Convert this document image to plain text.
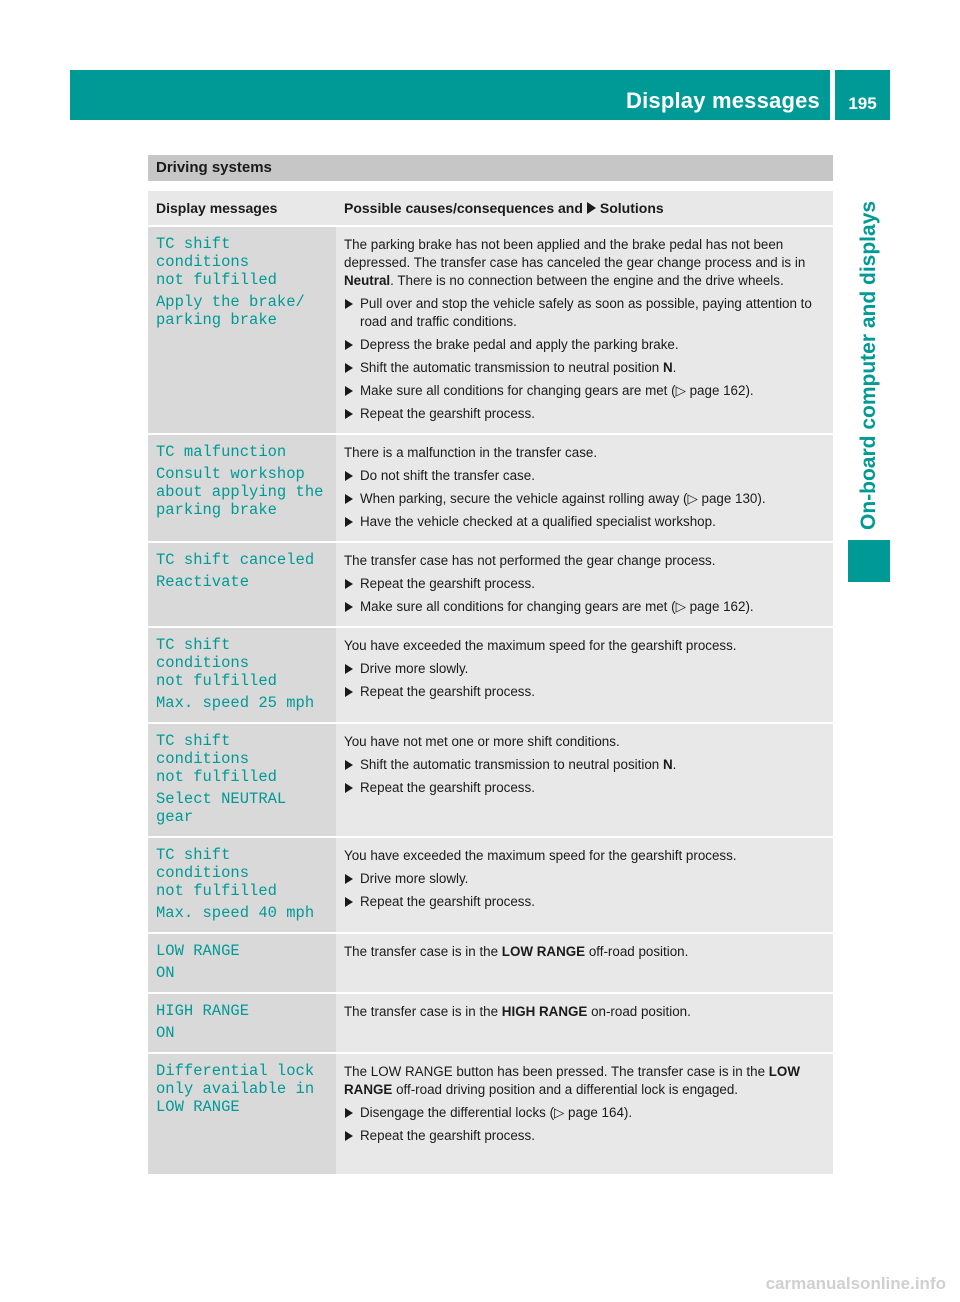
Display messages	195
On-board computer and displays
Driving systems
Display messages	Possible causes/consequences and Solutions
TC shift conditions
not fulfilled
Apply the brake/
parking brake
The parking brake has not been applied and the brake pedal has not been depressed. The transfer case has canceled the gear change process and is in Neutral. There is no connection between the engine and the drive wheels.
Pull over and stop the vehicle safely as soon as possible, paying attention to road and traffic conditions.
Depress the brake pedal and apply the parking brake.
Shift the automatic transmission to neutral position N.
Make sure all conditions for changing gears are met (▷ page 162).
Repeat the gearshift process.
TC malfunction
Consult workshop
about applying the
parking brake
There is a malfunction in the transfer case.
Do not shift the transfer case.
When parking, secure the vehicle against rolling away (▷ page 130).
Have the vehicle checked at a qualified specialist workshop.
TC shift canceled
Reactivate
The transfer case has not performed the gear change process.
Repeat the gearshift process.
Make sure all conditions for changing gears are met (▷ page 162).
TC shift conditions
not fulfilled
Max. speed 25 mph
You have exceeded the maximum speed for the gearshift process.
Drive more slowly.
Repeat the gearshift process.
TC shift conditions
not fulfilled
Select NEUTRAL gear
You have not met one or more shift conditions.
Shift the automatic transmission to neutral position N.
Repeat the gearshift process.
TC shift conditions
not fulfilled
Max. speed 40 mph
You have exceeded the maximum speed for the gearshift process.
Drive more slowly.
Repeat the gearshift process.
LOW RANGE
ON
The transfer case is in the LOW RANGE off-road position.
HIGH RANGE
ON
The transfer case is in the HIGH RANGE on-road position.
Differential lock
only available in
LOW RANGE
The LOW RANGE button has been pressed. The transfer case is in the LOW RANGE off-road driving position and a differential lock is engaged.
Disengage the differential locks (▷ page 164).
Repeat the gearshift process.
carmanualsonline.info
